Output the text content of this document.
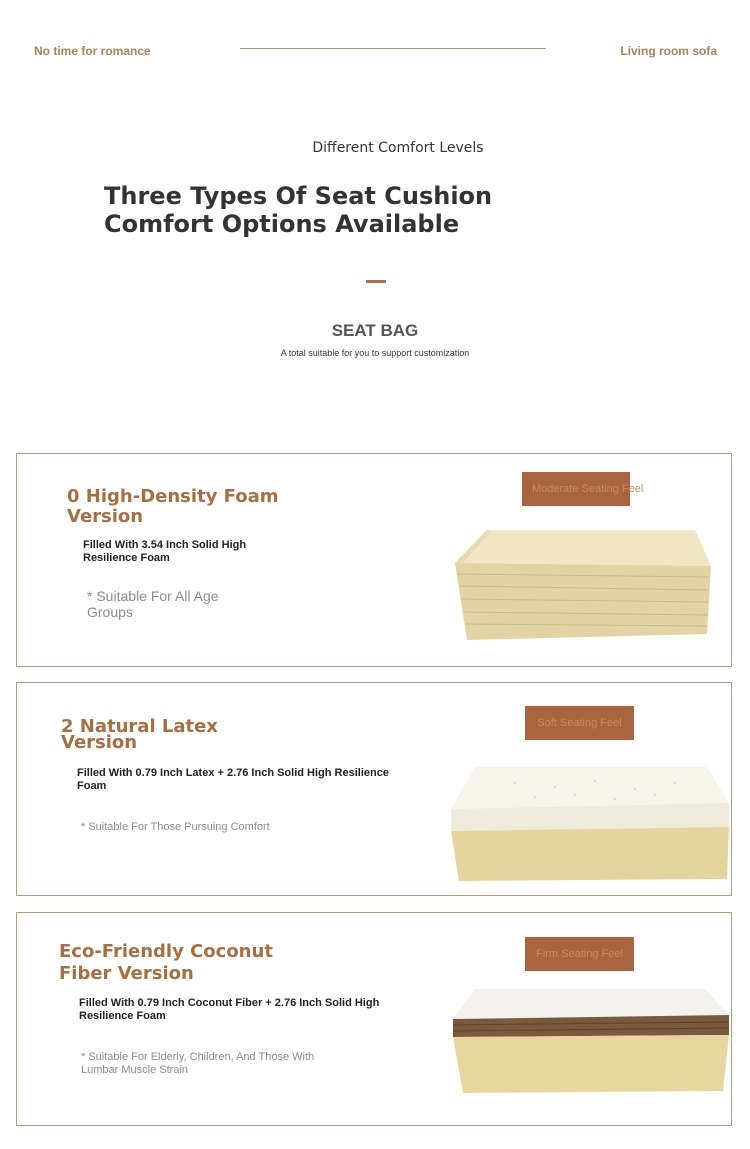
No time for romance	Living room sofa
Different Comfort Levels
Three Types Of Seat Cushion Comfort Options Available
SEAT BAG
A total suitable for you to support customization
0 High-Density Foam Version
Filled With 3.54 Inch Solid High Resilience Foam
* Suitable For All Age Groups
Moderate Seating Feel
2 Natural Latex Version
Filled With 0.79 Inch Latex + 2.76 Inch Solid High Resilience Foam
* Suitable For Those Pursuing Comfort
Soft Seating Feel
Eco-Friendly Coconut Fiber Version
Filled With 0.79 Inch Coconut Fiber + 2.76 Inch Solid High Resilience Foam
* Suitable For Elderly, Children, And Those With Lumbar Muscle Strain
Firm Seating Feel
